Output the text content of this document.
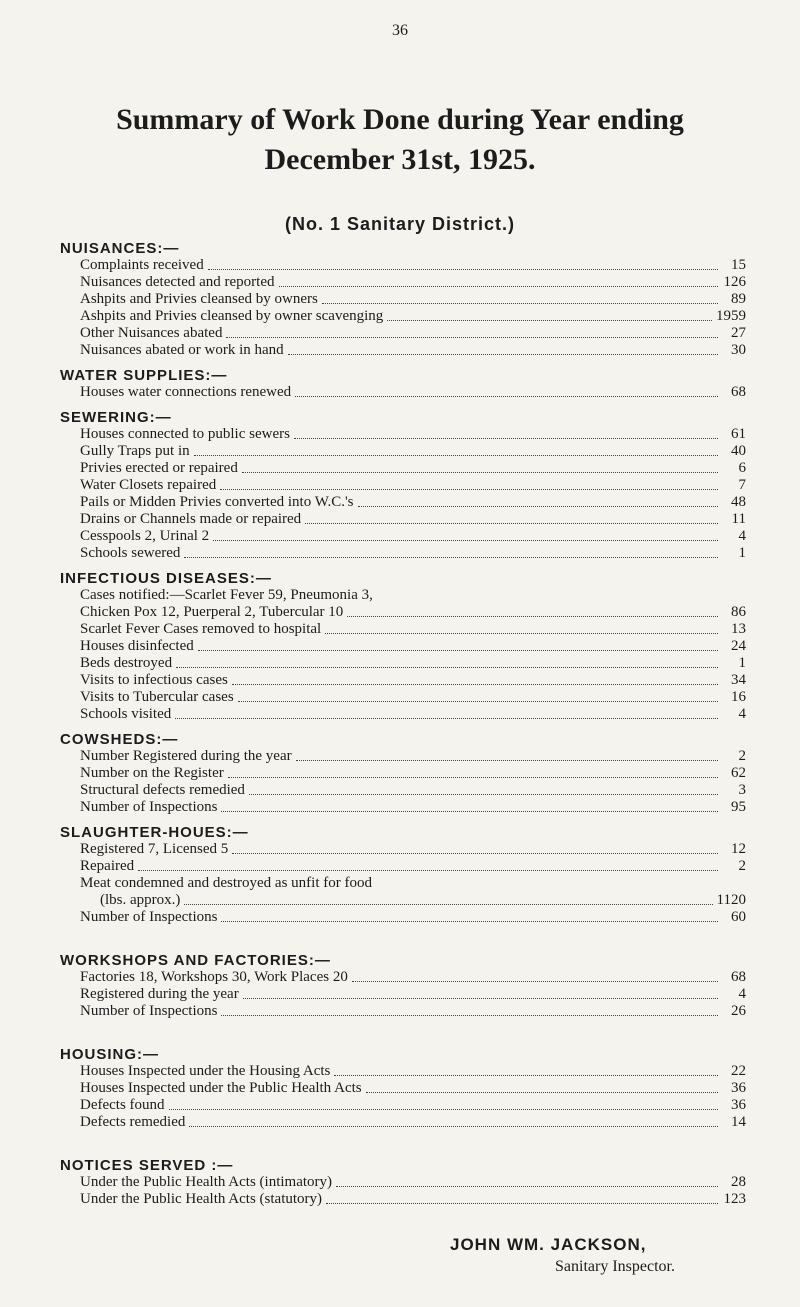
36
Summary of Work Done during Year ending
December 31st, 1925.
(No. 1 Sanitary District.)
NUISANCES:—
Complaints received	15
Nuisances detected and reported	126
Ashpits and Privies cleansed by owners	89
Ashpits and Privies cleansed by owner scavenging	1959
Other Nuisances abated	27
Nuisances abated or work in hand	30
WATER SUPPLIES:—
Houses water connections renewed	68
SEWERING:—
Houses connected to public sewers	61
Gully Traps put in	40
Privies erected or repaired	6
Water Closets repaired	7
Pails or Midden Privies converted into W.C.'s	48
Drains or Channels made or repaired	11
Cesspools 2, Urinal 2	4
Schools sewered	1
INFECTIOUS DISEASES:—
Cases notified:—Scarlet Fever 59, Pneumonia 3,
Chicken Pox 12, Puerperal 2, Tubercular 10	86
Scarlet Fever Cases removed to hospital	13
Houses disinfected	24
Beds destroyed	1
Visits to infectious cases	34
Visits to Tubercular cases	16
Schools visited	4
COWSHEDS:—
Number Registered during the year	2
Number on the Register	62
Structural defects remedied	3
Number of Inspections	95
SLAUGHTER-HOUES:—
Registered 7, Licensed 5	12
Repaired	2
Meat condemned and destroyed as unfit for food
(lbs. approx.)	1120
Number of Inspections	60
WORKSHOPS AND FACTORIES:—
Factories 18, Workshops 30, Work Places 20	68
Registered during the year	4
Number of Inspections	26
HOUSING:—
Houses Inspected under the Housing Acts	22
Houses Inspected under the Public Health Acts	36
Defects found	36
Defects remedied	14
NOTICES SERVED :—
Under the Public Health Acts (intimatory)	28
Under the Public Health Acts (statutory)	123
JOHN WM. JACKSON,
Sanitary Inspector.
